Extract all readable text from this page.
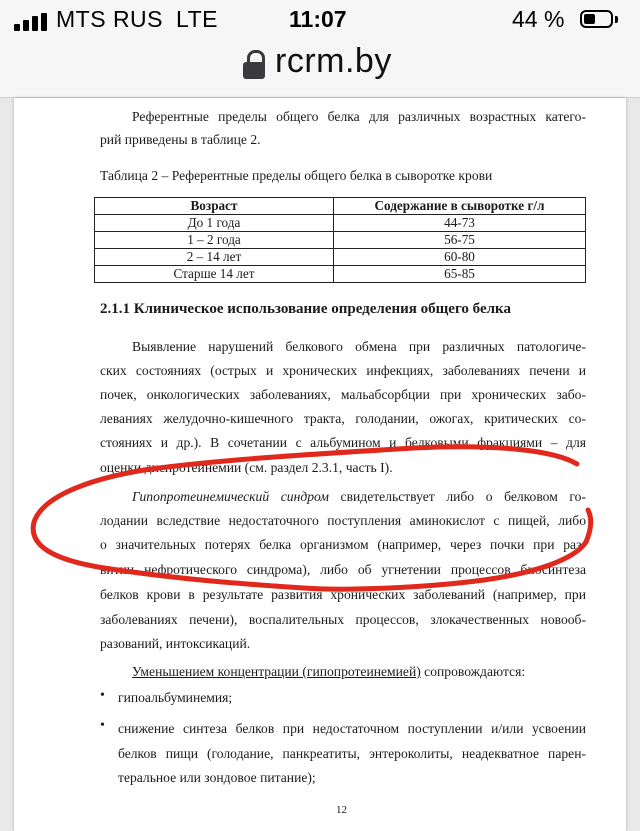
MTS RUS LTE	11:07	44 %
rcrm.by
Референтные пределы общего белка для различных возрастных катего-
рий приведены в таблице 2.
Таблица 2 – Референтные пределы общего белка в сыворотке крови
Возраст	Содержание в сыворотке г/л
До 1 года	44-73
1 – 2 года	56-75
2 – 14 лет	60-80
Старше 14 лет	65-85
2.1.1 Клиническое использование определения общего белка
Выявление нарушений белкового обмена при различных патологиче-
ских состояниях (острых и хронических инфекциях, заболеваниях печени и
почек, онкологических заболеваниях, мальабсорбции при хронических забо-
леваниях желудочно-кишечного тракта, голодании, ожогах, критических со-
стояниях и др.). В сочетании с альбумином и белковыми фракциями – для
оценки диспротеинемии (см. раздел 2.3.1, часть I).
Гипопротеинемический синдром свидетельствует либо о белковом го-
лодании вследствие недостаточного поступления аминокислот с пищей, либо
о значительных потерях белка организмом (например, через почки при раз-
витии нефротического синдрома), либо об угнетении процессов биосинтеза
белков крови в результате развития хронических заболеваний (например, при
заболеваниях печени), воспалительных процессов, злокачественных новооб-
разований, интоксикаций.
Уменьшением концентрации (гипопротеинемией) сопровождаются:
• гипоальбуминемия;
• снижение синтеза белков при недостаточном поступлении и/или усвоении
белков пищи (голодание, панкреатиты, энтероколиты, неадекватное парен-
теральное или зондовое питание);
12
